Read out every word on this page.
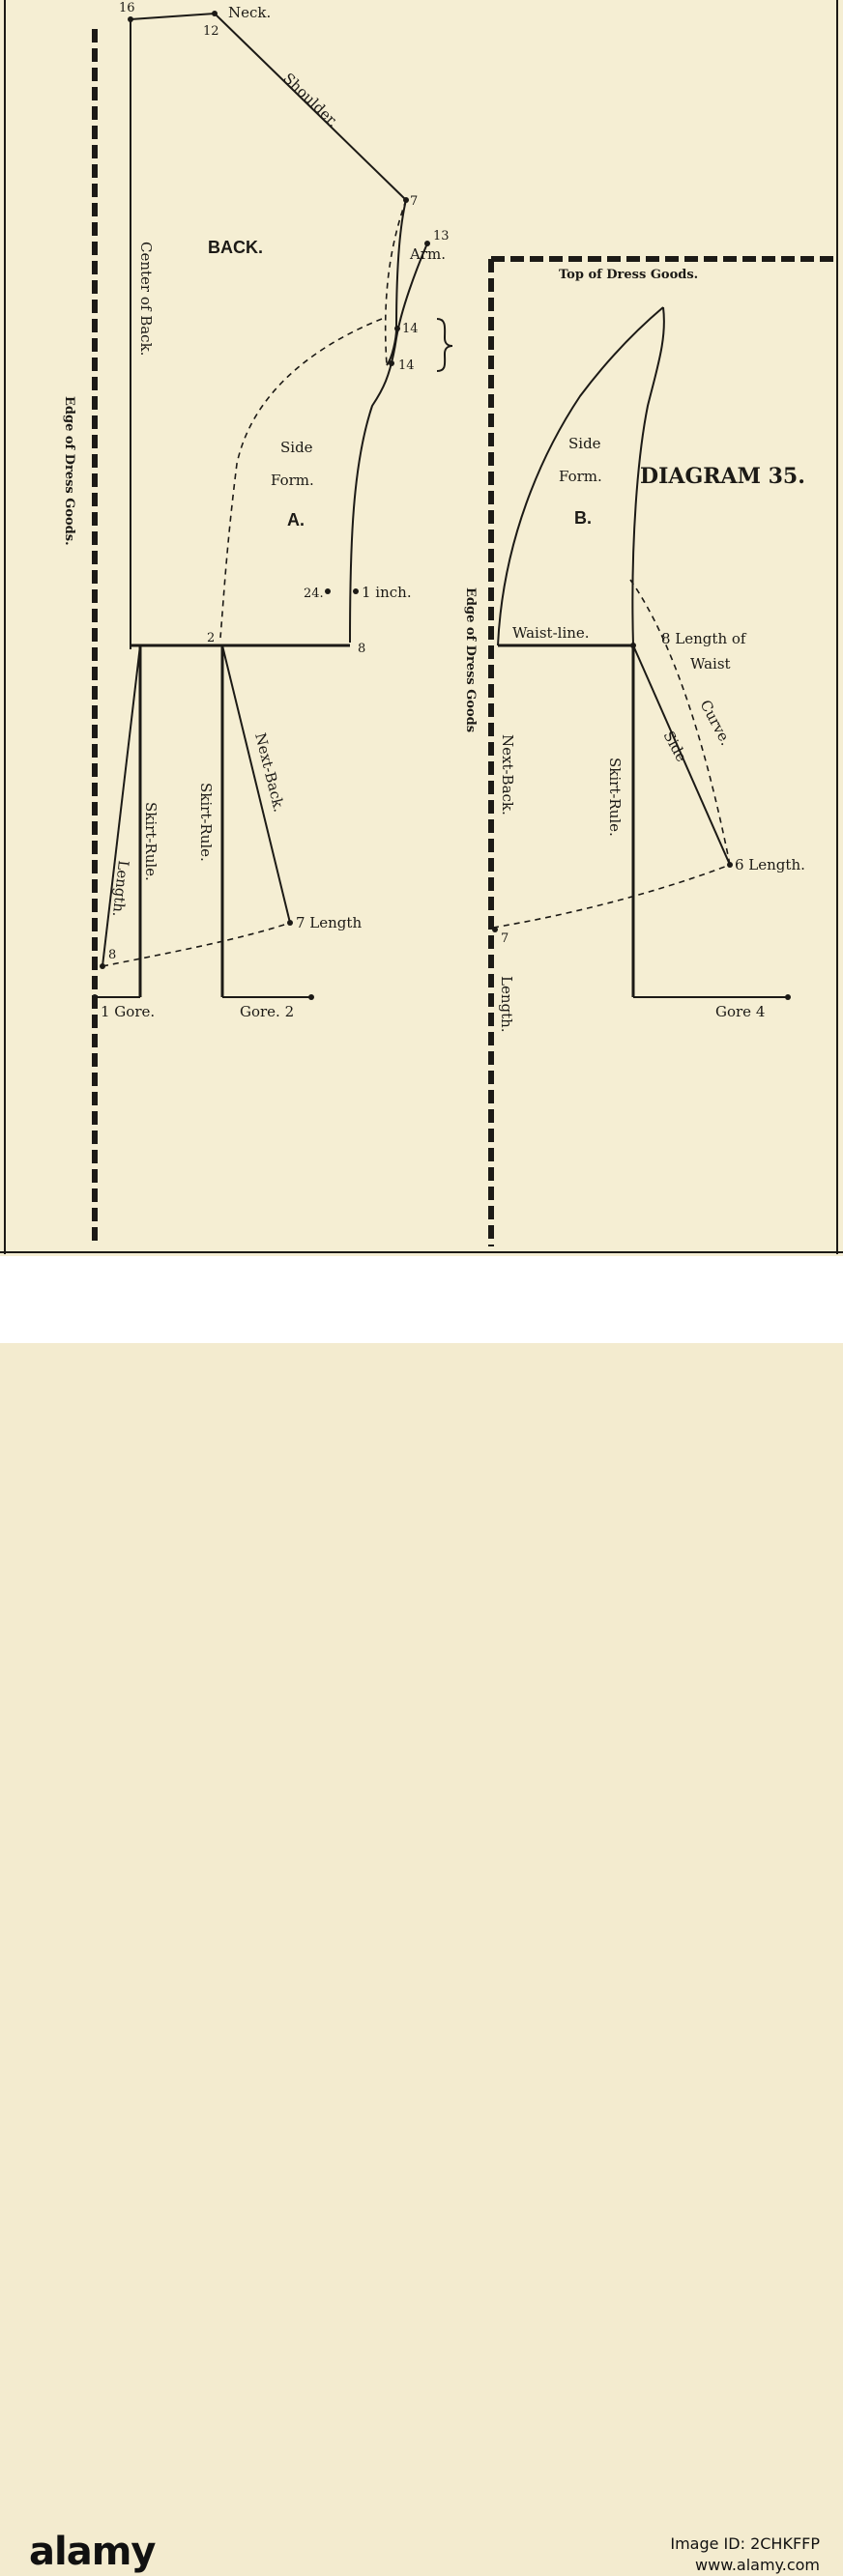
16	Neck.
12
Shoulder.
7
13
Arm.
BACK.
Center of Back.	14
14
Side
Form.
A.
24.	1 inch.
2
8
Edge of Dress Goods.
Top of Dress Goods.
Side
Form.
B.
DIAGRAM 35.
Edge of Dress Goods Waist-line.	8 Length of
Waist
Curve.
Side
Next-Back.
Skirt-Rule.
Skirt-Rule.
Length.
8
7 Length
1 Gore.	Gore. 2
Next-Back.	Skirt-Rule.
6 Length.
7
Length.	Gore 4
alamy	Image ID: 2CHKFFP
www.alamy.com
